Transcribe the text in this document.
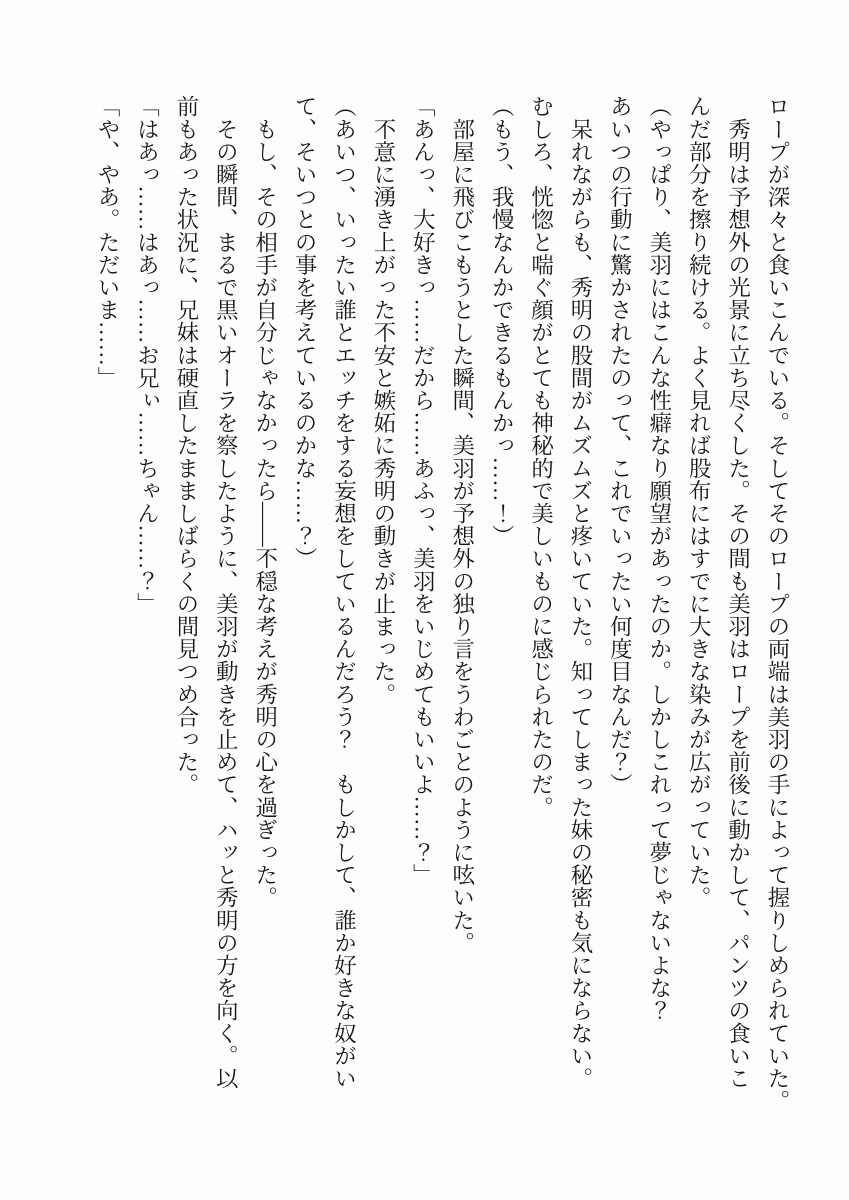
ロープが深々と食いこんでいる。そしてそのロープの両端は美羽の手によって握りしめられていた。
　秀明は予想外の光景に立ち尽くした。その間も美羽はロープを前後に動かして、パンツの食いこ
んだ部分を擦り続ける。よく見れば股布にはすでに大きな染みが広がっていた。
（やっぱり、美羽にはこんな性癖なり願望があったのか。しかしこれって夢じゃないよな？
あいつの行動に驚かされたのって、これでいったい何度目なんだ？）
　呆れながらも、秀明の股間がムズムズと疼いていた。知ってしまった妹の秘密も気にならない。
むしろ、恍惚と喘ぐ顔がとても神秘的で美しいものに感じられたのだ。
（もう、我慢なんかできるもんかっ……！）
　部屋に飛びこもうとした瞬間、美羽が予想外の独り言をうわごとのように呟いた。
「あんっ、大好きっ……だから……あふっ、美羽をいじめてもいいよ……？」
　不意に湧き上がった不安と嫉妬に秀明の動きが止まった。
（あいつ、いったい誰とエッチをする妄想をしているんだろう？　もしかして、誰か好きな奴がい
て、そいつとの事を考えているのかな……？）
　もし、その相手が自分じゃなかったら――不穏な考えが秀明の心を過ぎった。
　その瞬間、まるで黒いオーラを察したように、美羽が動きを止めて、ハッと秀明の方を向く。以
前もあった状況に、兄妹は硬直したまましばらくの間見つめ合った。
「はあっ……はあっ……お兄ぃ……ちゃん……？」
「や、やあ。ただいま……」
